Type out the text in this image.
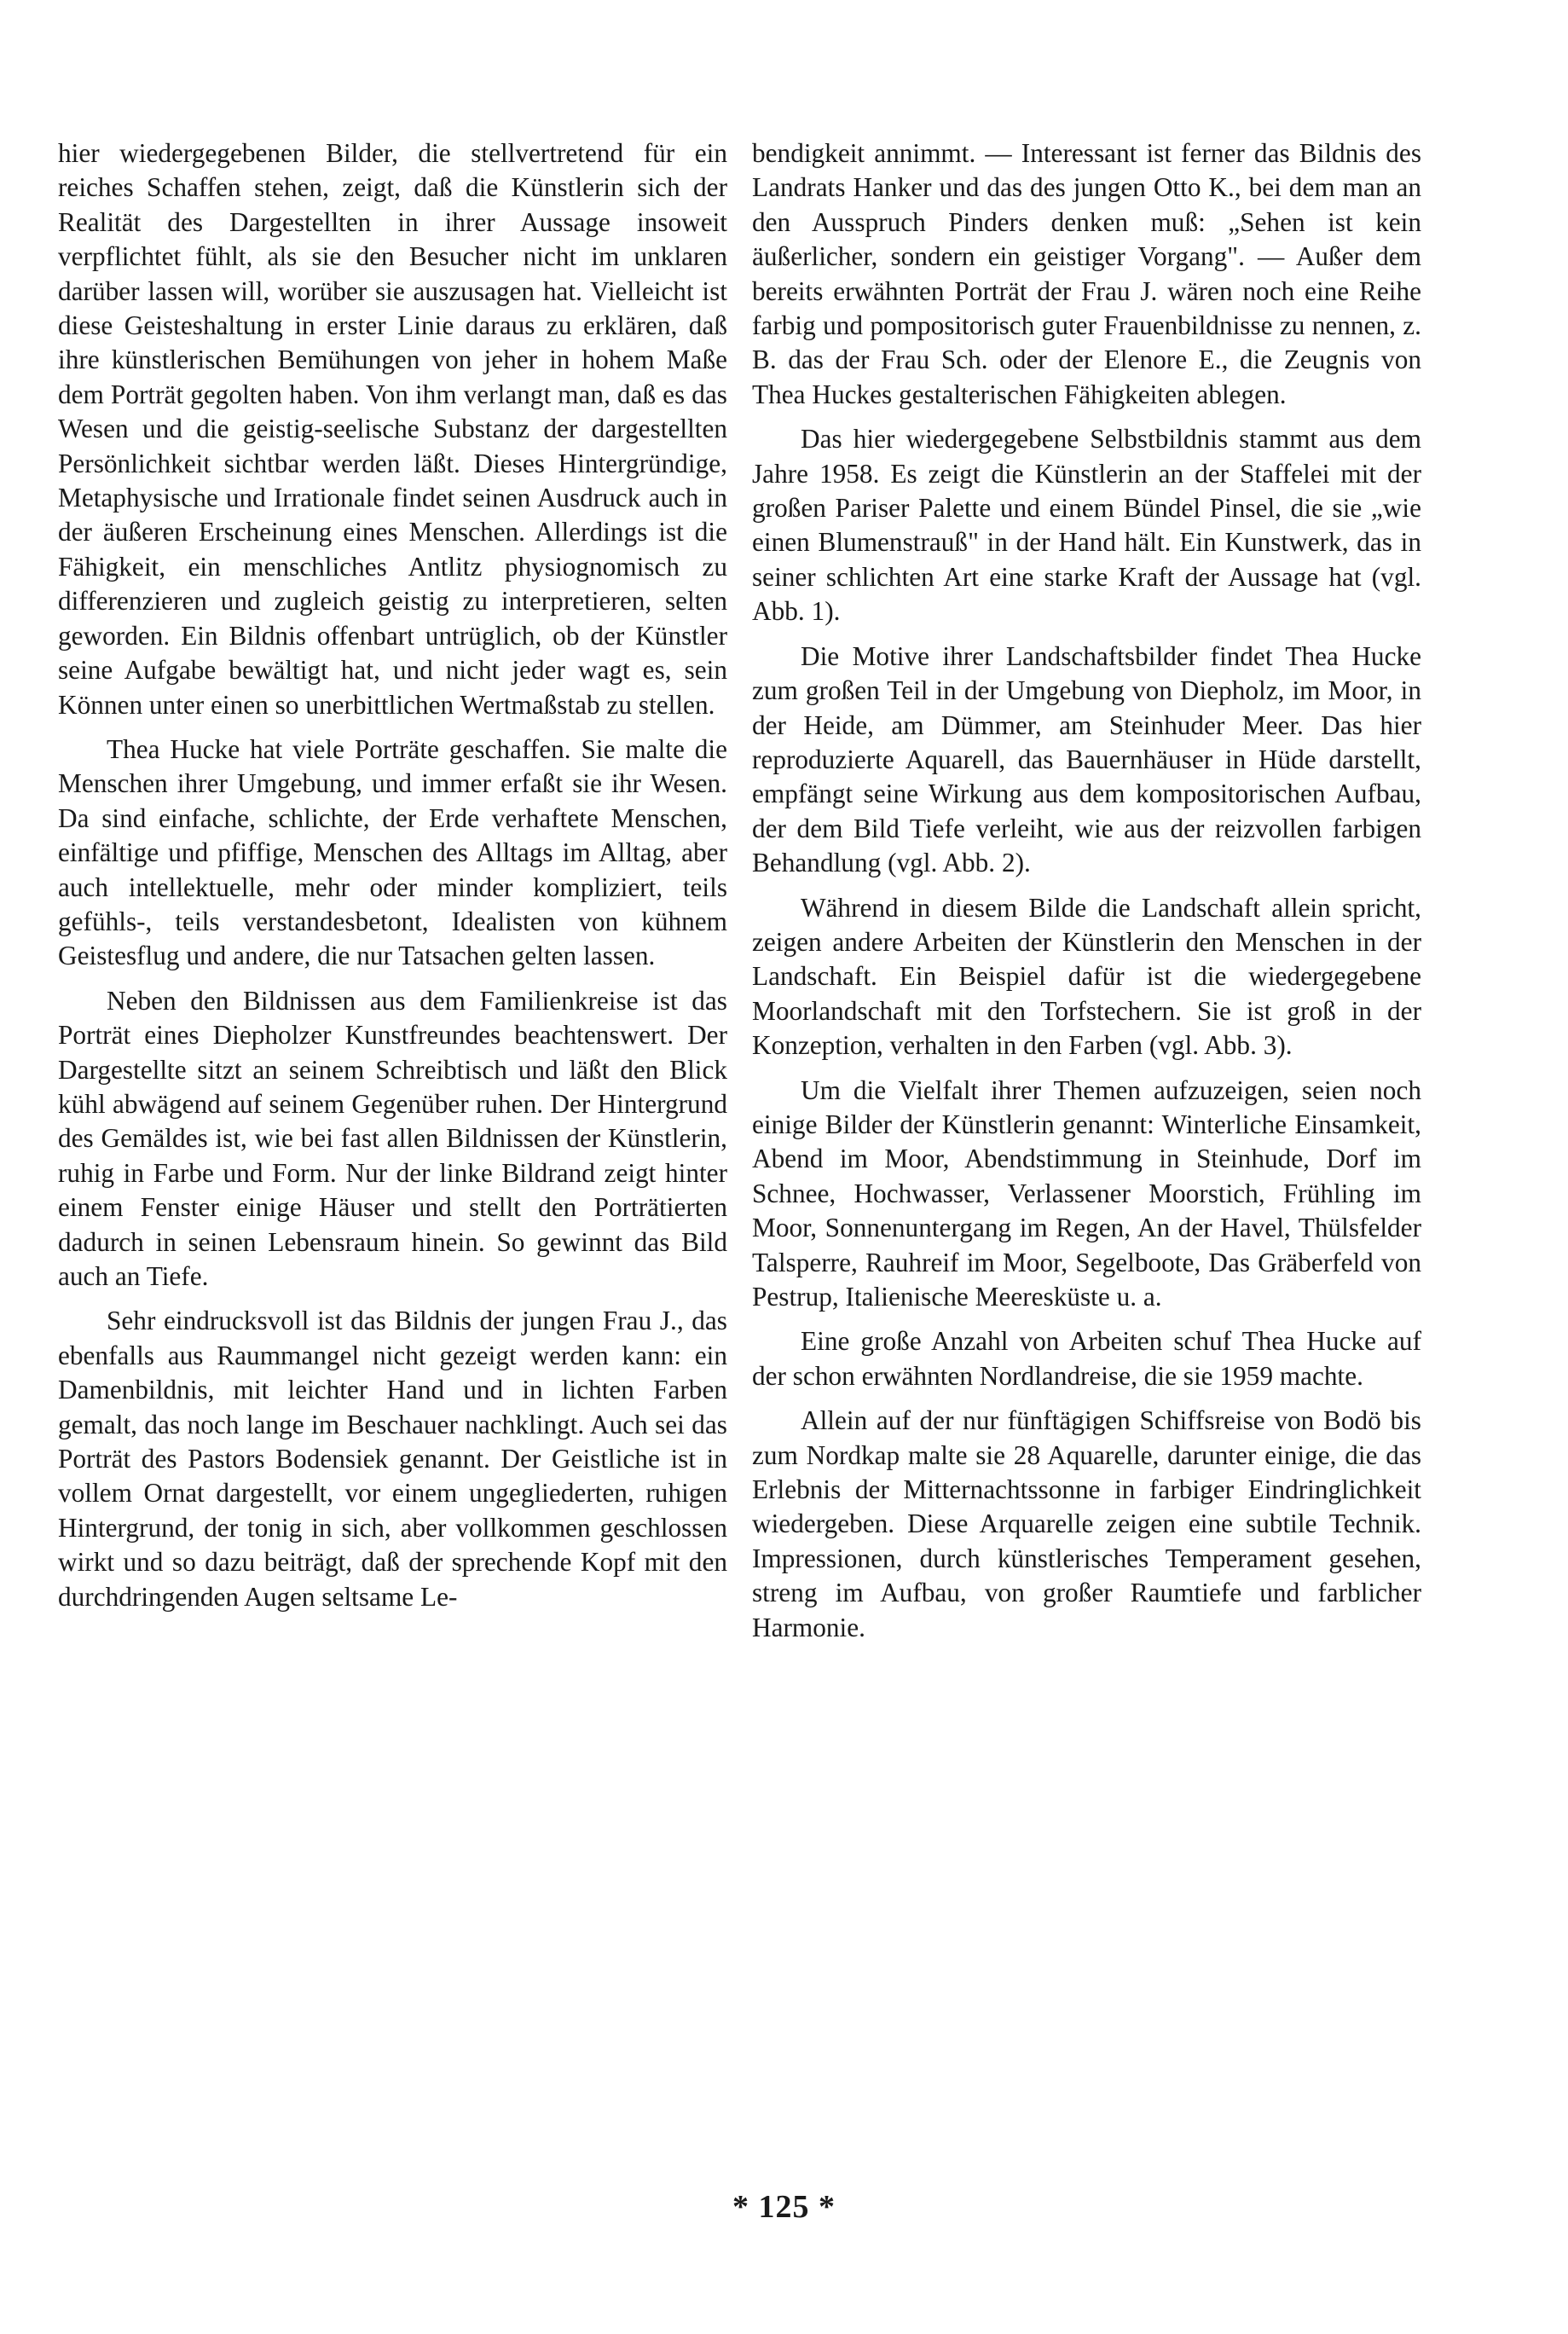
hier wiedergegebenen Bilder, die stellvertretend für ein reiches Schaffen stehen, zeigt, daß die Künstlerin sich der Realität des Dargestellten in ihrer Aussage insoweit verpflichtet fühlt, als sie den Besucher nicht im unklaren darüber lassen will, worüber sie auszusagen hat. Vielleicht ist diese Geisteshaltung in erster Linie daraus zu erklären, daß ihre künstlerischen Bemühungen von jeher in hohem Maße dem Porträt gegolten haben. Von ihm verlangt man, daß es das Wesen und die geistig-seelische Substanz der dargestellten Persönlichkeit sichtbar werden läßt. Dieses Hintergründige, Metaphysische und Irrationale findet seinen Ausdruck auch in der äußeren Erscheinung eines Menschen. Allerdings ist die Fähigkeit, ein menschliches Antlitz physiognomisch zu differenzieren und zugleich geistig zu interpretieren, selten geworden. Ein Bildnis offenbart untrüglich, ob der Künstler seine Aufgabe bewältigt hat, und nicht jeder wagt es, sein Können unter einen so unerbittlichen Wertmaßstab zu stellen.

Thea Hucke hat viele Porträte geschaffen. Sie malte die Menschen ihrer Umgebung, und immer erfaßt sie ihr Wesen. Da sind einfache, schlichte, der Erde verhaftete Menschen, einfältige und pfiffige, Menschen des Alltags im Alltag, aber auch intellektuelle, mehr oder minder kompliziert, teils gefühls-, teils verstandesbetont, Idealisten von kühnem Geistesflug und andere, die nur Tatsachen gelten lassen.

Neben den Bildnissen aus dem Familienkreise ist das Porträt eines Diepholzer Kunstfreundes beachtenswert. Der Dargestellte sitzt an seinem Schreibtisch und läßt den Blick kühl abwägend auf seinem Gegenüber ruhen. Der Hintergrund des Gemäldes ist, wie bei fast allen Bildnissen der Künstlerin, ruhig in Farbe und Form. Nur der linke Bildrand zeigt hinter einem Fenster einige Häuser und stellt den Porträtierten dadurch in seinen Lebensraum hinein. So gewinnt das Bild auch an Tiefe.

Sehr eindrucksvoll ist das Bildnis der jungen Frau J., das ebenfalls aus Raummangel nicht gezeigt werden kann: ein Damenbildnis, mit leichter Hand und in lichten Farben gemalt, das noch lange im Beschauer nachklingt. Auch sei das Porträt des Pastors Bodensiek genannt. Der Geistliche ist in vollem Ornat dargestellt, vor einem ungegliederten, ruhigen Hintergrund, der tonig in sich, aber vollkommen geschlossen wirkt und so dazu beiträgt, daß der sprechende Kopf mit den durchdringenden Augen seltsame Le-

bendigkeit annimmt. — Interessant ist ferner das Bildnis des Landrats Hanker und das des jungen Otto K., bei dem man an den Ausspruch Pinders denken muß: „Sehen ist kein äußerlicher, sondern ein geistiger Vorgang". — Außer dem bereits erwähnten Porträt der Frau J. wären noch eine Reihe farbig und pompositorisch guter Frauenbildnisse zu nennen, z. B. das der Frau Sch. oder der Elenore E., die Zeugnis von Thea Huckes gestalterischen Fähigkeiten ablegen.

Das hier wiedergegebene Selbstbildnis stammt aus dem Jahre 1958. Es zeigt die Künstlerin an der Staffelei mit der großen Pariser Palette und einem Bündel Pinsel, die sie „wie einen Blumenstrauß" in der Hand hält. Ein Kunstwerk, das in seiner schlichten Art eine starke Kraft der Aussage hat (vgl. Abb. 1).

Die Motive ihrer Landschaftsbilder findet Thea Hucke zum großen Teil in der Umgebung von Diepholz, im Moor, in der Heide, am Dümmer, am Steinhuder Meer. Das hier reproduzierte Aquarell, das Bauernhäuser in Hüde darstellt, empfängt seine Wirkung aus dem kompositorischen Aufbau, der dem Bild Tiefe verleiht, wie aus der reizvollen farbigen Behandlung (vgl. Abb. 2).

Während in diesem Bilde die Landschaft allein spricht, zeigen andere Arbeiten der Künstlerin den Menschen in der Landschaft. Ein Beispiel dafür ist die wiedergegebene Moorlandschaft mit den Torfstechern. Sie ist groß in der Konzeption, verhalten in den Farben (vgl. Abb. 3).

Um die Vielfalt ihrer Themen aufzuzeigen, seien noch einige Bilder der Künstlerin genannt: Winterliche Einsamkeit, Abend im Moor, Abendstimmung in Steinhude, Dorf im Schnee, Hochwasser, Verlassener Moorstich, Frühling im Moor, Sonnenuntergang im Regen, An der Havel, Thülsfelder Talsperre, Rauhreif im Moor, Segelboote, Das Gräberfeld von Pestrup, Italienische Meeresküste u. a.

Eine große Anzahl von Arbeiten schuf Thea Hucke auf der schon erwähnten Nordlandreise, die sie 1959 machte.

Allein auf der nur fünftägigen Schiffsreise von Bodö bis zum Nordkap malte sie 28 Aquarelle, darunter einige, die das Erlebnis der Mitternachtssonne in farbiger Eindringlichkeit wiedergeben. Diese Arquarelle zeigen eine subtile Technik. Impressionen, durch künstlerisches Temperament gesehen, streng im Aufbau, von großer Raumtiefe und farblicher Harmonie.

* 125 *
